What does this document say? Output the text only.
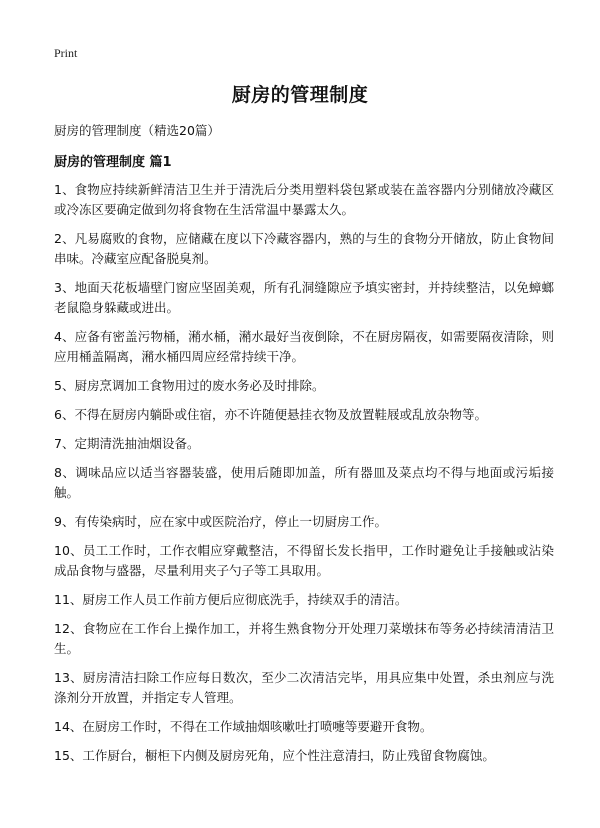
Print
厨房的管理制度

厨房的管理制度（精选20篇）

厨房的管理制度 篇1
1、食物应持续新鲜清洁卫生并于清洗后分类用塑料袋包紧或装在盖容器内分别储放冷藏区或冷冻区要确定做到勿将食物在生活常温中暴露太久。
2、凡易腐败的食物，应储藏在度以下冷藏容器内，熟的与生的食物分开储放，防止食物间串味。冷藏室应配备脱臭剂。
3、地面天花板墙壁门窗应坚固美观，所有孔洞缝隙应予填实密封，并持续整洁，以免蟑螂老鼠隐身躲藏或进出。
4、应备有密盖污物桶，潲水桶，潲水最好当夜倒除，不在厨房隔夜，如需要隔夜清除，则应用桶盖隔离，潲水桶四周应经常持续干净。
5、厨房烹调加工食物用过的废水务必及时排除。
6、不得在厨房内躺卧或住宿，亦不许随便悬挂衣物及放置鞋屐或乱放杂物等。
7、定期清洗抽油烟设备。
8、调味品应以适当容器装盛，使用后随即加盖，所有器皿及菜点均不得与地面或污垢接触。
9、有传染病时，应在家中或医院治疗，停止一切厨房工作。
10、员工工作时，工作衣帽应穿戴整洁，不得留长发长指甲，工作时避免让手接触或沾染成品食物与盛器，尽量利用夹子勺子等工具取用。
11、厨房工作人员工作前方便后应彻底洗手，持续双手的清洁。
12、食物应在工作台上操作加工，并将生熟食物分开处理刀菜墩抹布等务必持续清清洁卫生。
13、厨房清洁扫除工作应每日数次，至少二次清洁完毕，用具应集中处置，杀虫剂应与洗涤剂分开放置，并指定专人管理。
14、在厨房工作时，不得在工作域抽烟咳嗽吐打喷嚏等要避开食物。
15、工作厨台，橱柜下内侧及厨房死角，应个性注意清扫，防止残留食物腐蚀。
